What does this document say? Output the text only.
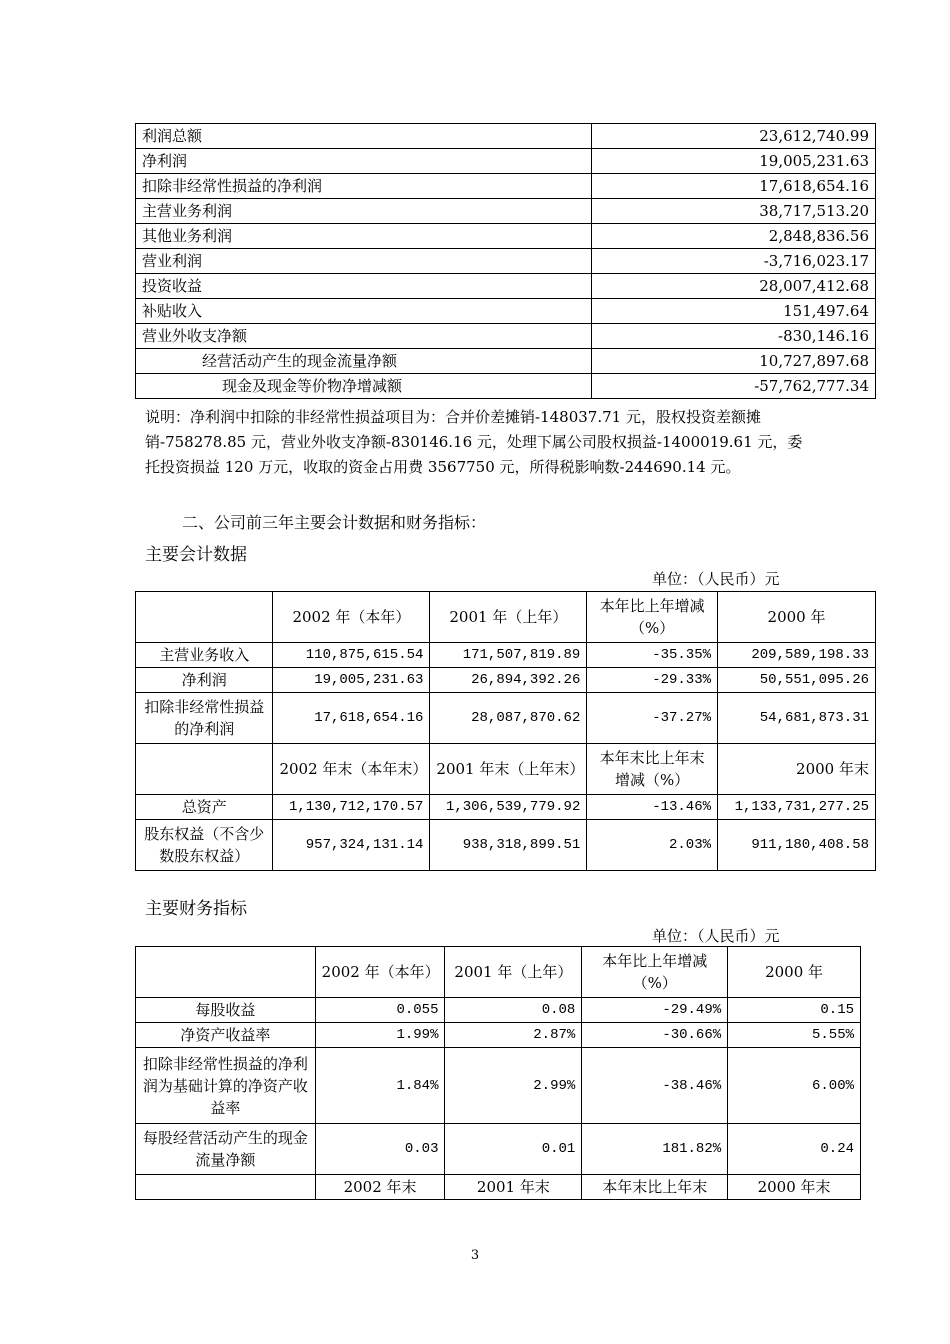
利润总额	23,612,740.99
净利润	19,005,231.63
扣除非经常性损益的净利润	17,618,654.16
主营业务利润	38,717,513.20
其他业务利润	2,848,836.56
营业利润	-3,716,023.17
投资收益	28,007,412.68
补贴收入	151,497.64
营业外收支净额	-830,146.16
经营活动产生的现金流量净额	10,727,897.68
现金及现金等价物净增减额	-57,762,777.34
说明：净利润中扣除的非经常性损益项目为：合并价差摊销-148037.71 元，股权投资差额摊
销-758278.85 元，营业外收支净额-830146.16 元，处理下属公司股权损益-1400019.61 元，委
托投资损益 120 万元，收取的资金占用费 3567750 元，所得税影响数-244690.14 元。
二、公司前三年主要会计数据和财务指标：
主要会计数据
单位：（人民币）元
	2002 年（本年）	2001 年（上年）	本年比上年增减（%）	2000 年
主营业务收入	110,875,615.54	171,507,819.89	-35.35%	209,589,198.33
净利润	19,005,231.63	26,894,392.26	-29.33%	50,551,095.26
扣除非经常性损益的净利润	17,618,654.16	28,087,870.62	-37.27%	54,681,873.31
	2002 年末（本年末）	2001 年末（上年末）	本年末比上年末增减（%）	2000 年末
总资产	1,130,712,170.57	1,306,539,779.92	-13.46%	1,133,731,277.25
股东权益（不含少数股东权益）	957,324,131.14	938,318,899.51	2.03%	911,180,408.58
主要财务指标
单位：（人民币）元
	2002 年（本年）	2001 年（上年）	本年比上年增减（%）	2000 年
每股收益	0.055	0.08	-29.49%	0.15
净资产收益率	1.99%	2.87%	-30.66%	5.55%
扣除非经常性损益的净利润为基础计算的净资产收益率	1.84%	2.99%	-38.46%	6.00%
每股经营活动产生的现金流量净额	0.03	0.01	181.82%	0.24
	2002 年末	2001 年末	本年末比上年末	2000 年末
3
